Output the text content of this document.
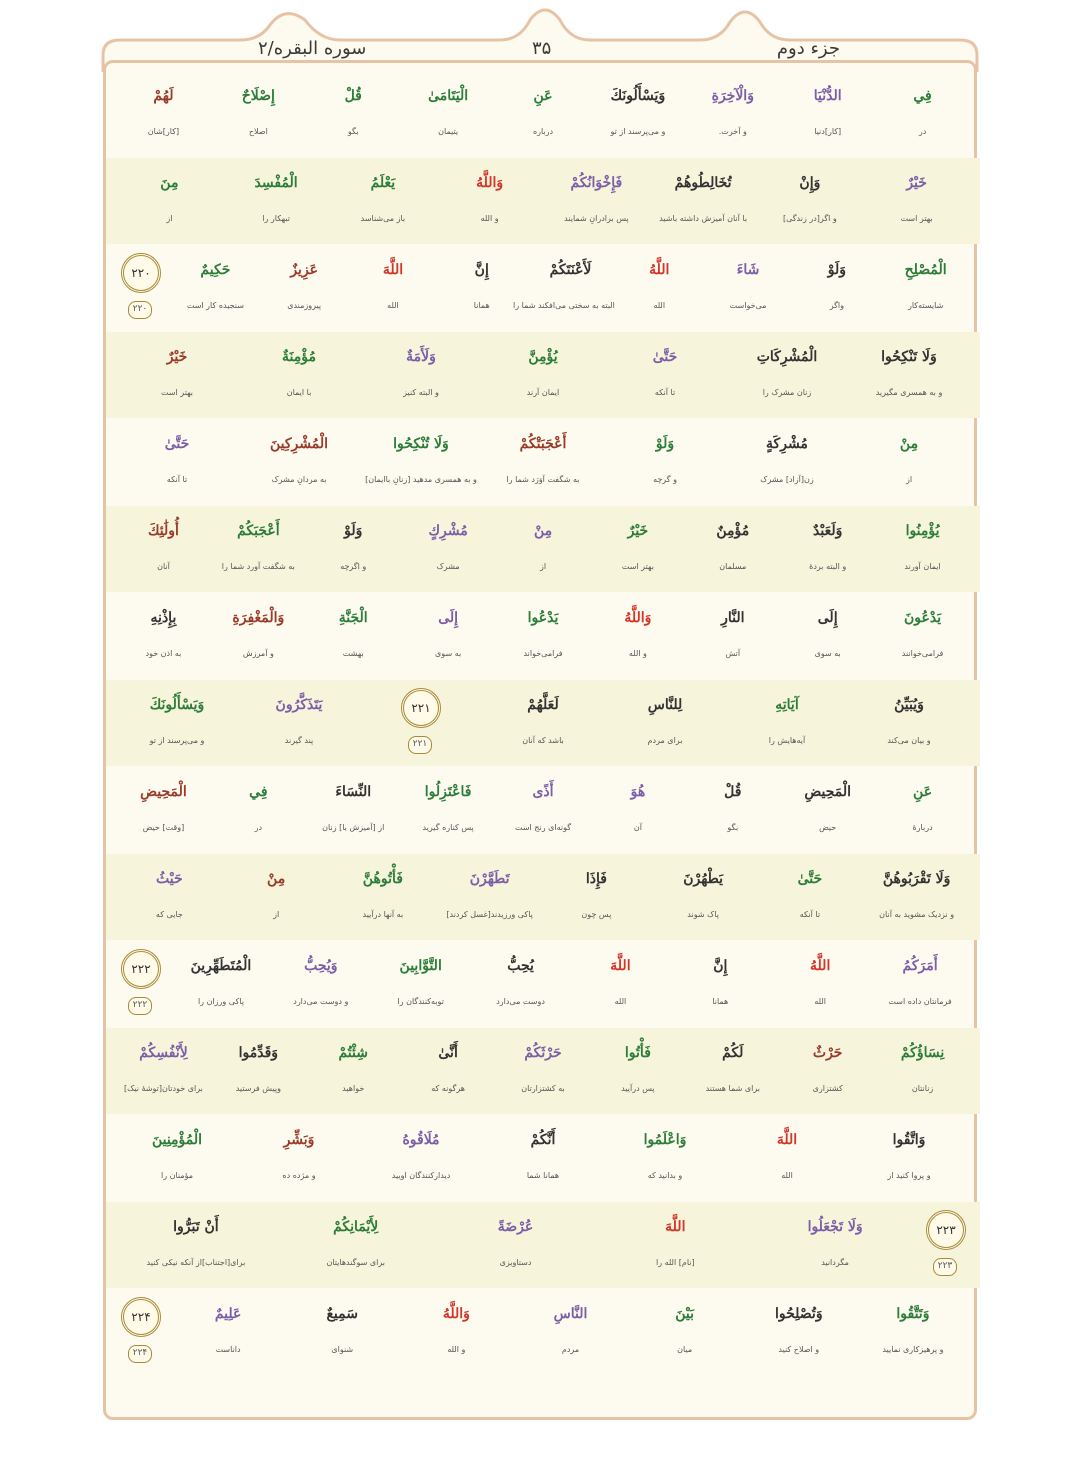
جزء دوم
۳۵
سوره البقره/۲
فِي
در
الدُّنْيَا
[کار]دنیا
وَالْآخِرَةِ
و آخرت.
وَيَسْأَلُونَكَ
و می‌پرسند از تو
عَنِ
درباره
الْيَتَامَىٰ
یتیمان
قُلْ
بگو
إِصْلَاحٌ
اصلاح
لَهُمْ
[کار]شان
خَيْرٌ
بهتر است
وَإِنْ
و اگر[در زندگی]
تُخَالِطُوهُمْ
با آنان آمیزش داشته باشید
فَإِخْوَانُكُمْ
پس برادرانِ شمایند
وَاللَّهُ
و الله
يَعْلَمُ
باز می‌شناسد
الْمُفْسِدَ
تبهکار را
مِنَ
از
الْمُصْلِحِ
شایسته‌کار
وَلَوْ
واگر
شَاءَ
می‌خواست
اللَّهُ
الله
لَأَعْنَتَكُمْ
البته به سختی می‌افکند شما را
إِنَّ
همانا
اللَّهَ
الله
عَزِيزٌ
پیروزمندی
حَكِيمٌ
سنجیده کار است
۲۲۰
۲۲۰
وَلَا تَنْكِحُوا
و به همسری مگیرید
الْمُشْرِكَاتِ
زنان مشرک را
حَتَّىٰ
تا آنکه
يُؤْمِنَّ
ایمان آرند
وَلَأَمَةٌ
و البته کنیز
مُؤْمِنَةٌ
با ایمان
خَيْرٌ
بهتر است
مِنْ
از
مُشْرِكَةٍ
زن[آزاد] مشرک
وَلَوْ
و گرچه
أَعْجَبَتْكُمْ
به شگفت آوَرَد شما را
وَلَا تُنْكِحُوا
و به همسری مدهید [زنانِ باایمان]
الْمُشْرِكِينَ
به مردانِ مشرک
حَتَّىٰ
تا آنکه
يُؤْمِنُوا
ایمان آورند
وَلَعَبْدٌ
و البته بردهٔ
مُؤْمِنٌ
مسلمان
خَيْرٌ
بهتر است
مِنْ
از
مُشْرِكٍ
مشرک
وَلَوْ
و اگرچه
أَعْجَبَكُمْ
به شگفت آورد شما را
أُولَٰئِكَ
آنان
يَدْعُونَ
فرامی‌خوانند
إِلَى
به سوی
النَّارِ
آتش
وَاللَّهُ
و الله
يَدْعُوا
فرامی‌خواند
إِلَى
به سوی
الْجَنَّةِ
بهشت
وَالْمَغْفِرَةِ
و آمرزش
بِإِذْنِهِ
به اذن خود
وَيُبَيِّنُ
و بیان می‌کند
آيَاتِهِ
آیه‌هایش را
لِلنَّاسِ
برای مردم
لَعَلَّهُمْ
باشد که آنان
۲۲۱
۲۲۱
يَتَذَكَّرُونَ
پند گیرند
وَيَسْأَلُونَكَ
و می‌پرسند از تو
عَنِ
دربارهٔ
الْمَحِيضِ
حیض
قُلْ
بگو
هُوَ
آن
أَذًى
گونه‌ای رنج است
فَاعْتَزِلُوا
پس کناره گیرید
النِّسَاءَ
از [آمیزش با] زنان
فِي
در
الْمَحِيضِ
[وقت] حیض
وَلَا تَقْرَبُوهُنَّ
و نزدیک مشوید به آنان
حَتَّىٰ
تا آنکه
يَطْهُرْنَ
پاک شوند
فَإِذَا
پس چون
تَطَهَّرْنَ
پاکی ورزیدند[غسل کردند]
فَأْتُوهُنَّ
به آنها درآیید
مِنْ
از
حَيْثُ
جایی که
أَمَرَكُمُ
فرمانتان داده است
اللَّهُ
الله
إِنَّ
همانا
اللَّهَ
الله
يُحِبُّ
دوست می‌دارد
التَّوَّابِينَ
توبه‌کنندگان را
وَيُحِبُّ
و دوست می‌دارد
الْمُتَطَهِّرِينَ
پاکی ورزان را
۲۲۲
۲۲۲
نِسَاؤُكُمْ
زنانتان
حَرْثٌ
کشتزاری
لَكُمْ
برای شما هستند
فَأْتُوا
پس درآیید
حَرْثَكُمْ
به کشتزارتان
أَنَّىٰ
هرگونه که
شِئْتُمْ
خواهید
وَقَدِّمُوا
وپیش فرستید
لِأَنْفُسِكُمْ
برای خودتان[توشهٔ نیک]
وَاتَّقُوا
و پروا کنید از
اللَّهَ
الله
وَاعْلَمُوا
و بدانید که
أَنَّكُمْ
همانا شما
مُلَاقُوهُ
دیدارکنندگان اویید
وَبَشِّرِ
و مژده ده
الْمُؤْمِنِينَ
مؤمنان را
۲۲۳
۲۲۳
وَلَا تَجْعَلُوا
مگردانید
اللَّهَ
[نام] الله را
عُرْضَةً
دستاویزی
لِأَيْمَانِكُمْ
برای سوگندهایتان
أَنْ تَبَرُّوا
برای[اجتناب]از آنکه نیکی کنید
وَتَتَّقُوا
و پرهیزکاری نمایید
وَتُصْلِحُوا
و اصلاح کنید
بَيْنَ
میان
النَّاسِ
مردم
وَاللَّهُ
و الله
سَمِيعٌ
شنوای
عَلِيمٌ
داناست
۲۲۴
۲۲۴
